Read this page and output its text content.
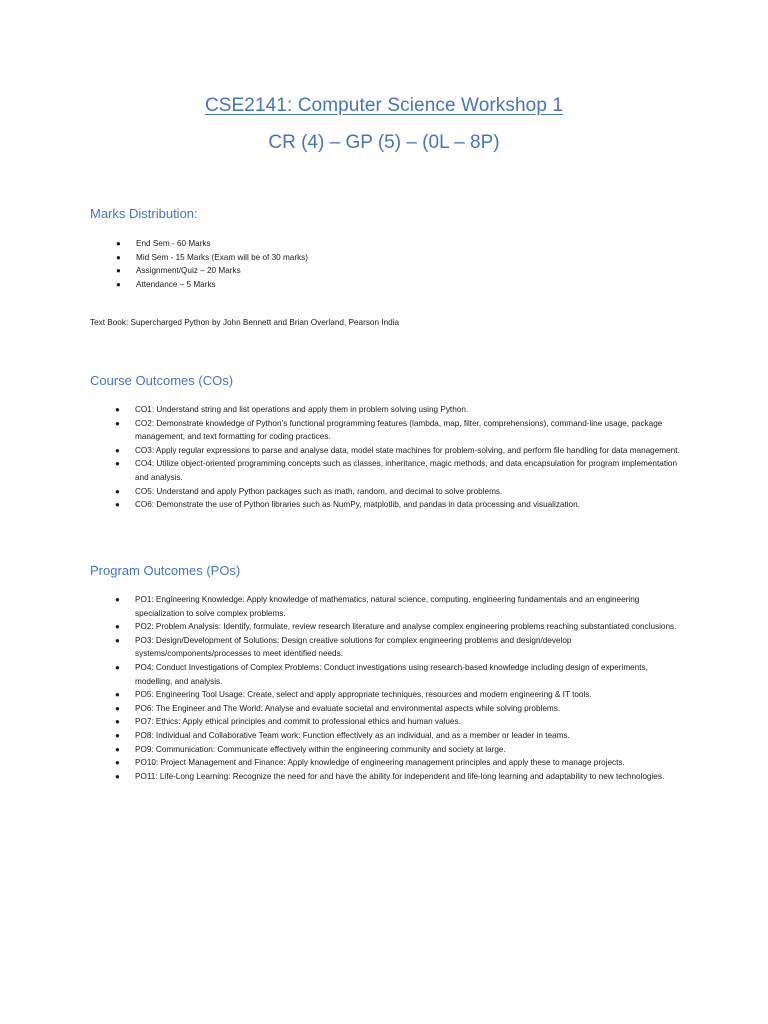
CSE2141: Computer Science Workshop 1
CR (4) – GP (5) – (0L – 8P)
Marks Distribution:
● End Sem - 60 Marks
● Mid Sem - 15 Marks (Exam will be of 30 marks)
● Assignment/Quiz – 20 Marks
● Attendance – 5 Marks

Text Book: Supercharged Python by John Bennett and Brian Overland, Pearson India

Course Outcomes (COs)
● CO1: Understand string and list operations and apply them in problem solving using Python.
● CO2: Demonstrate knowledge of Python’s functional programming features (lambda, map, filter, comprehensions), command-line usage, package management, and text formatting for coding practices.
● CO3: Apply regular expressions to parse and analyse data, model state machines for problem-solving, and perform file handling for data management.
● CO4: Utilize object-oriented programming concepts such as classes, inheritance, magic methods, and data encapsulation for program implementation and analysis.
● CO5: Understand and apply Python packages such as math, random, and decimal to solve problems.
● CO6: Demonstrate the use of Python libraries such as NumPy, matplotlib, and pandas in data processing and visualization.
Program Outcomes (POs)
● PO1: Engineering Knowledge: Apply knowledge of mathematics, natural science, computing, engineering fundamentals and an engineering specialization to solve complex problems.
● PO2: Problem Analysis: Identify, formulate, review research literature and analyse complex engineering problems reaching substantiated conclusions.
● PO3: Design/Development of Solutions: Design creative solutions for complex engineering problems and design/develop systems/components/processes to meet identified needs.
● PO4: Conduct Investigations of Complex Problems: Conduct investigations using research-based knowledge including design of experiments, modelling, and analysis.
● PO5: Engineering Tool Usage: Create, select and apply appropriate techniques, resources and modern engineering & IT tools.
● PO6: The Engineer and The World: Analyse and evaluate societal and environmental aspects while solving problems.
● PO7: Ethics: Apply ethical principles and commit to professional ethics and human values.
● PO8: Individual and Collaborative Team work: Function effectively as an individual, and as a member or leader in teams.
● PO9: Communication: Communicate effectively within the engineering community and society at large.
● PO10: Project Management and Finance: Apply knowledge of engineering management principles and apply these to manage projects.
● PO11: Life-Long Learning: Recognize the need for and have the ability for independent and life-long learning and adaptability to new technologies.
